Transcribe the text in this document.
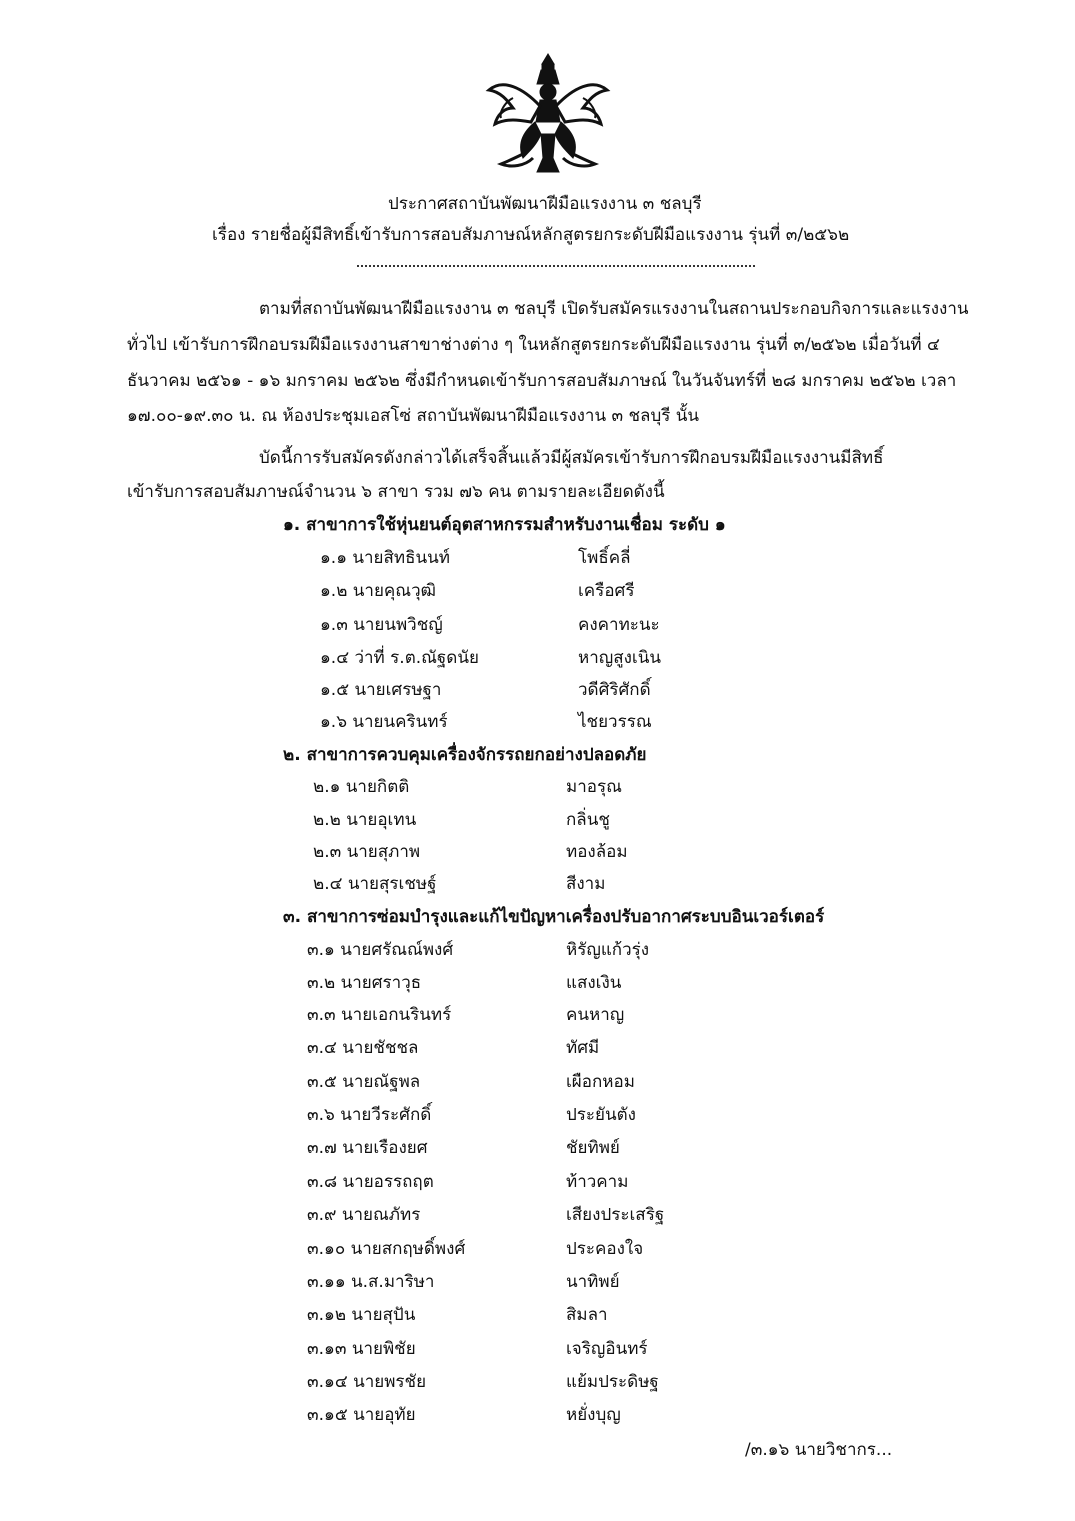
ประกาศสถาบันพัฒนาฝีมือแรงงาน ๓ ชลบุรี
เรื่อง รายชื่อผู้มีสิทธิ์เข้ารับการสอบสัมภาษณ์หลักสูตรยกระดับฝีมือแรงงาน รุ่นที่ ๓/๒๕๖๒
ตามที่สถาบันพัฒนาฝีมือแรงงาน ๓ ชลบุรี เปิดรับสมัครแรงงานในสถานประกอบกิจการและแรงงาน
ทั่วไป เข้ารับการฝึกอบรมฝีมือแรงงานสาขาช่างต่าง ๆ ในหลักสูตรยกระดับฝีมือแรงงาน รุ่นที่ ๓/๒๕๖๒ เมื่อวันที่ ๔
ธันวาคม ๒๕๖๑ - ๑๖ มกราคม ๒๕๖๒ ซึ่งมีกำหนดเข้ารับการสอบสัมภาษณ์ ในวันจันทร์ที่ ๒๘ มกราคม ๒๕๖๒ เวลา
๑๗.๐๐-๑๙.๓๐ น. ณ ห้องประชุมเอสโซ่ สถาบันพัฒนาฝีมือแรงงาน ๓ ชลบุรี นั้น
บัดนี้การรับสมัครดังกล่าวได้เสร็จสิ้นแล้วมีผู้สมัครเข้ารับการฝึกอบรมฝีมือแรงงานมีสิทธิ์
เข้ารับการสอบสัมภาษณ์จำนวน ๖ สาขา รวม ๗๖ คน ตามรายละเอียดดังนี้
๑. สาขาการใช้หุ่นยนต์อุตสาหกรรมสำหรับงานเชื่อม ระดับ ๑
๑.๑ นายสิทธินนท์	โพธิ์คลี่
๑.๒ นายคุณวุฒิ	เครือศรี
๑.๓ นายนพวิชญ์	คงคาทะนะ
๑.๔ ว่าที่ ร.ต.ณัฐดนัย	หาญสูงเนิน
๑.๕ นายเศรษฐา	วดีศิริศักดิ์
๑.๖ นายนครินทร์	ไชยวรรณ
๒. สาขาการควบคุมเครื่องจักรรถยกอย่างปลอดภัย
๒.๑ นายกิตติ	มาอรุณ
๒.๒ นายอุเทน	กลิ่นชู
๒.๓ นายสุภาพ	ทองล้อม
๒.๔ นายสุรเชษฐ์	สีงาม
๓. สาขาการซ่อมบำรุงและแก้ไขปัญหาเครื่องปรับอากาศระบบอินเวอร์เตอร์
๓.๑ นายศรัณณ์พงศ์	หิรัญแก้วรุ่ง
๓.๒ นายศราวุธ	แสงเงิน
๓.๓ นายเอกนรินทร์	คนหาญ
๓.๔ นายชัชชล	ทัศมี
๓.๕ นายณัฐพล	เผือกหอม
๓.๖ นายวีระศักดิ์	ประยันตัง
๓.๗ นายเรืองยศ	ชัยทิพย์
๓.๘ นายอรรถฤต	ท้าวคาม
๓.๙ นายณภัทร	เสียงประเสริฐ
๓.๑๐ นายสกฤษดิ์พงศ์	ประคองใจ
๓.๑๑ น.ส.มาริษา	นาทิพย์
๓.๑๒ นายสุปัน	สิมลา
๓.๑๓ นายพิชัย	เจริญอินทร์
๓.๑๔ นายพรชัย	แย้มประดิษฐ
๓.๑๕ นายอุทัย	หยั่งบุญ
/๓.๑๖ นายวิชากร...
